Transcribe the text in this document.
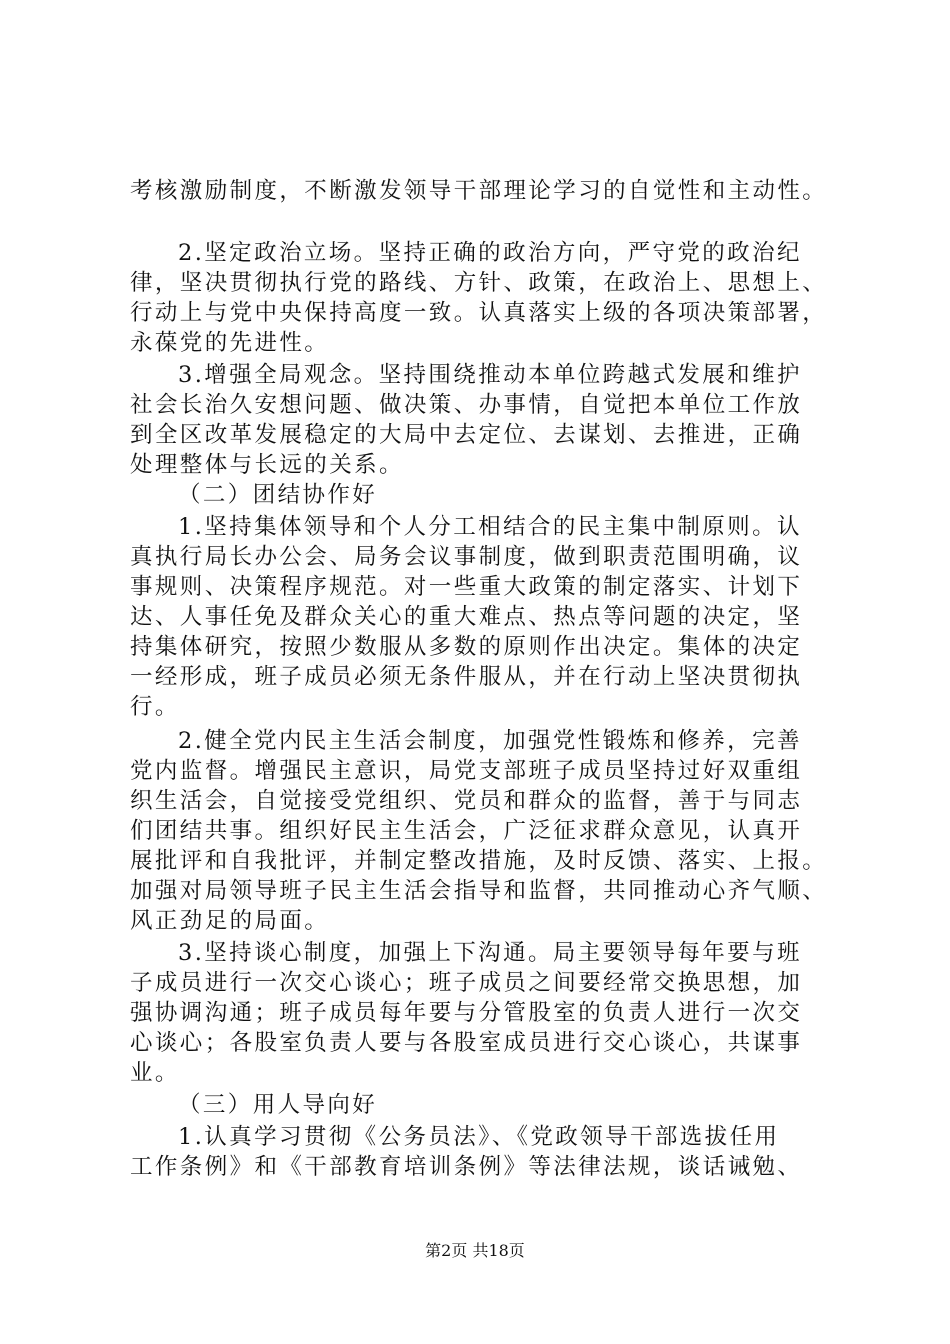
考核激励制度，不断激发领导干部理论学习的自觉性和主动性。
2.坚定政治立场。坚持正确的政治方向，严守党的政治纪
律，坚决贯彻执行党的路线、方针、政策，在政治上、思想上、
行动上与党中央保持高度一致。认真落实上级的各项决策部署，
永葆党的先进性。
3.增强全局观念。坚持围绕推动本单位跨越式发展和维护
社会长治久安想问题、做决策、办事情，自觉把本单位工作放
到全区改革发展稳定的大局中去定位、去谋划、去推进，正确
处理整体与长远的关系。
（二）团结协作好
1.坚持集体领导和个人分工相结合的民主集中制原则。认
真执行局长办公会、局务会议事制度，做到职责范围明确，议
事规则、决策程序规范。对一些重大政策的制定落实、计划下
达、人事任免及群众关心的重大难点、热点等问题的决定，坚
持集体研究，按照少数服从多数的原则作出决定。集体的决定
一经形成，班子成员必须无条件服从，并在行动上坚决贯彻执
行。
2.健全党内民主生活会制度，加强党性锻炼和修养，完善
党内监督。增强民主意识，局党支部班子成员坚持过好双重组
织生活会，自觉接受党组织、党员和群众的监督，善于与同志
们团结共事。组织好民主生活会，广泛征求群众意见，认真开
展批评和自我批评，并制定整改措施，及时反馈、落实、上报。
加强对局领导班子民主生活会指导和监督，共同推动心齐气顺、
风正劲足的局面。
3.坚持谈心制度，加强上下沟通。局主要领导每年要与班
子成员进行一次交心谈心；班子成员之间要经常交换思想，加
强协调沟通；班子成员每年要与分管股室的负责人进行一次交
心谈心；各股室负责人要与各股室成员进行交心谈心，共谋事
业。
（三）用人导向好
1.认真学习贯彻《公务员法》、《党政领导干部选拔任用
工作条例》和《干部教育培训条例》等法律法规，谈话诫勉、
第2页 共18页
